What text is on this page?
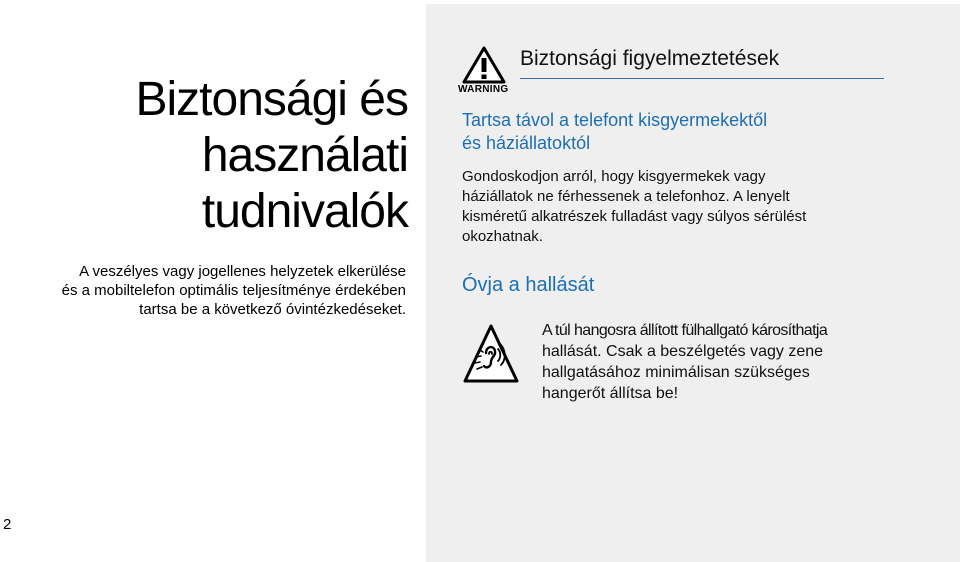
Biztonsági és
használati
tudnivalók
A veszélyes vagy jogellenes helyzetek elkerülése
és a mobiltelefon optimális teljesítménye érdekében
tartsa be a következő óvintézkedéseket.
2
WARNING
Biztonsági figyelmeztetések
Tartsa távol a telefont kisgyermekektől
és háziállatoktól
Gondoskodjon arról, hogy kisgyermekek vagy
háziállatok ne férhessenek a telefonhoz. A lenyelt
kisméretű alkatrészek fulladást vagy súlyos sérülést
okozhatnak.
Óvja a hallását
A túl hangosra állított fülhallgató károsíthatja
hallását. Csak a beszélgetés vagy zene
hallgatásához minimálisan szükséges
hangerőt állítsa be!
